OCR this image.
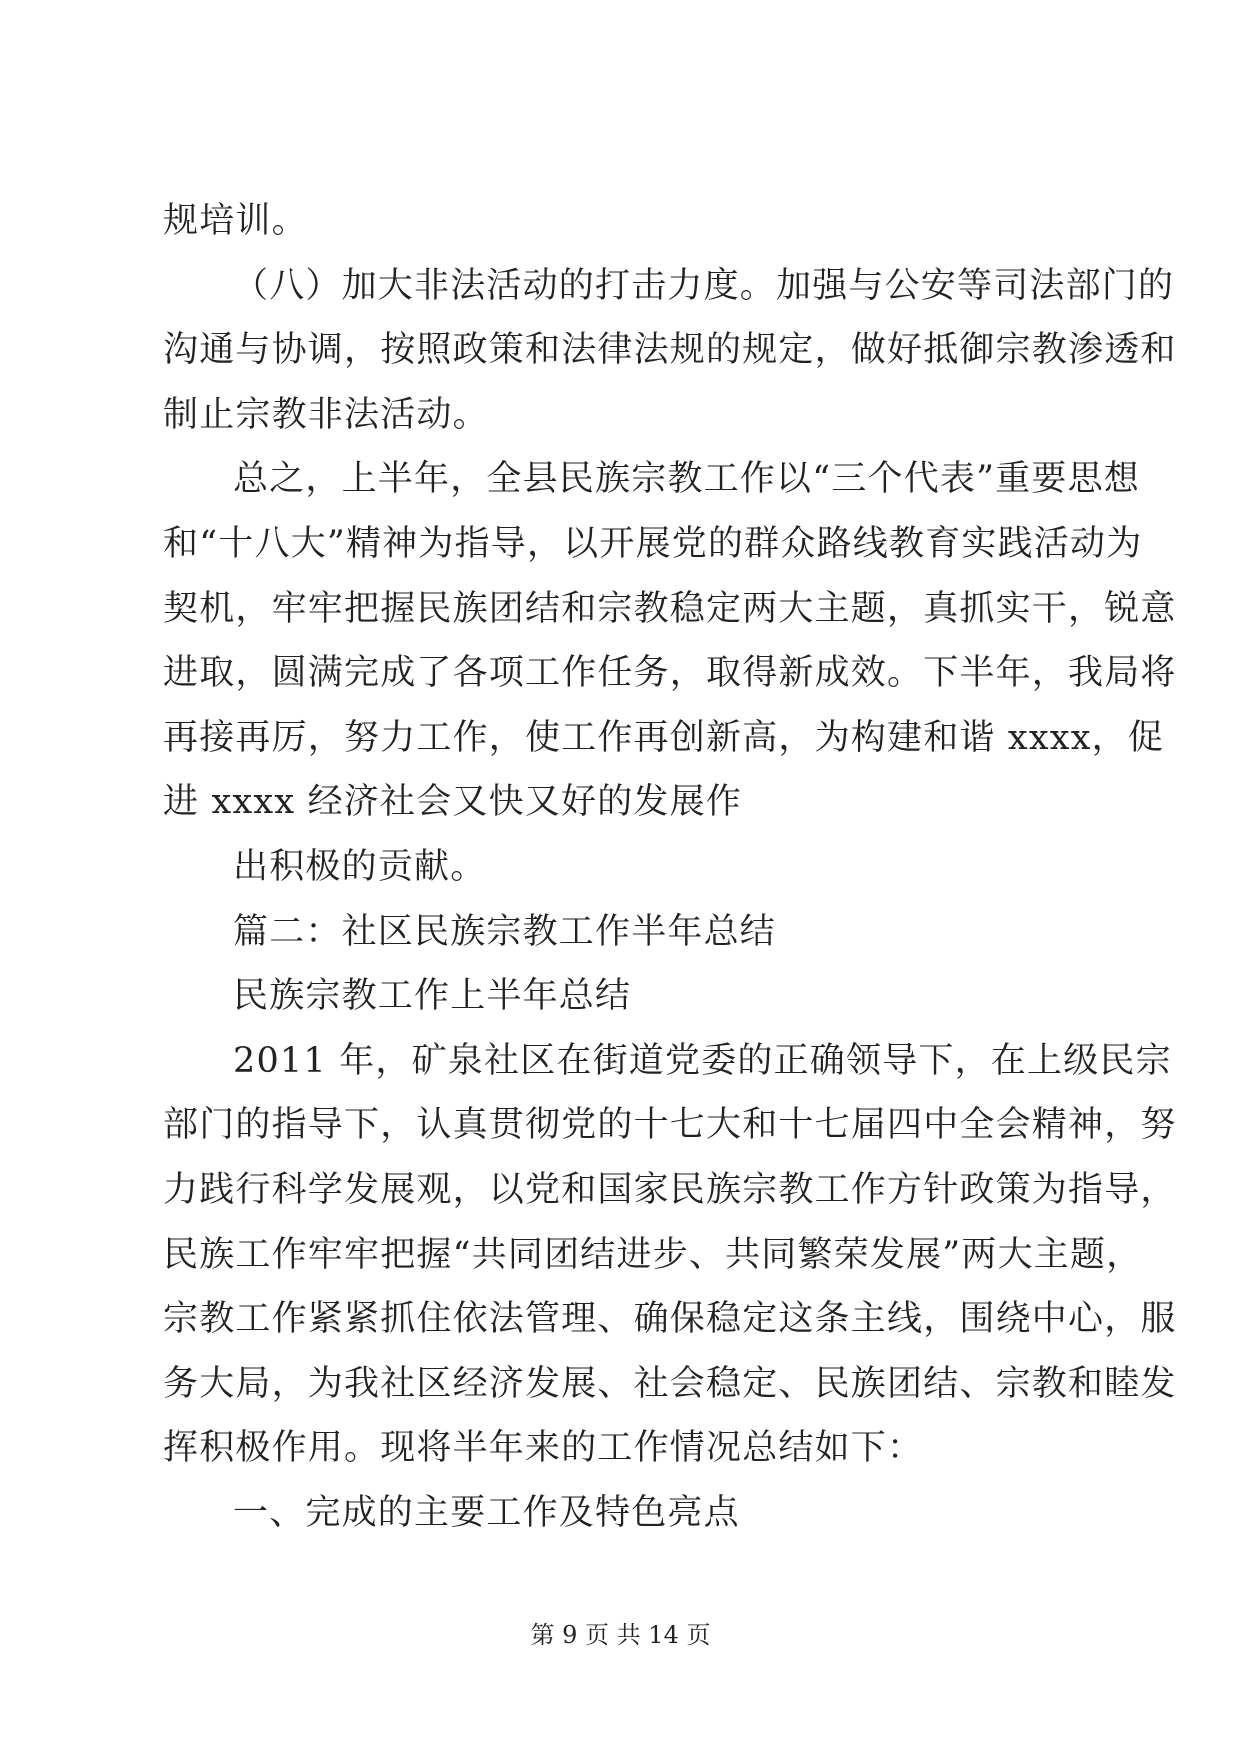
规培训。
（八）加大非法活动的打击力度。加强与公安等司法部门的
沟通与协调，按照政策和法律法规的规定，做好抵御宗教渗透和
制止宗教非法活动。
总之，上半年，全县民族宗教工作以“三个代表”重要思想
和“十八大”精神为指导，以开展党的群众路线教育实践活动为
契机，牢牢把握民族团结和宗教稳定两大主题，真抓实干，锐意
进取，圆满完成了各项工作任务，取得新成效。下半年，我局将
再接再厉，努力工作，使工作再创新高，为构建和谐 xxxx，促
进 xxxx 经济社会又快又好的发展作
出积极的贡献。
篇二：社区民族宗教工作半年总结
民族宗教工作上半年总结
2011 年，矿泉社区在街道党委的正确领导下，在上级民宗
部门的指导下，认真贯彻党的十七大和十七届四中全会精神，努
力践行科学发展观，以党和国家民族宗教工作方针政策为指导，
民族工作牢牢把握“共同团结进步、共同繁荣发展”两大主题，
宗教工作紧紧抓住依法管理、确保稳定这条主线，围绕中心，服
务大局，为我社区经济发展、社会稳定、民族团结、宗教和睦发
挥积极作用。现将半年来的工作情况总结如下：
一、完成的主要工作及特色亮点
第 9 页 共 14 页
